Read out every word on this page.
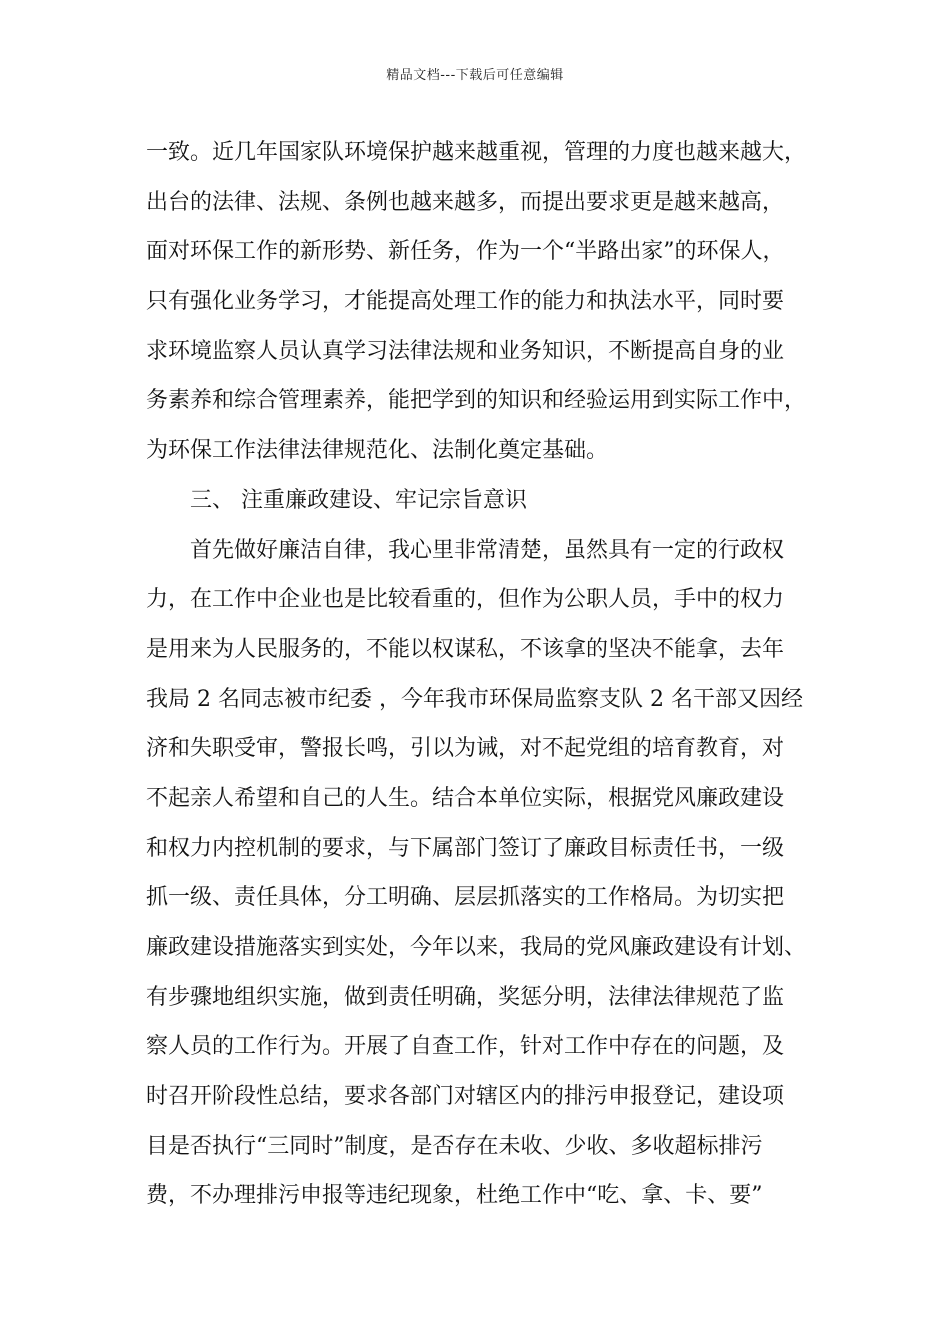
精品文档---下载后可任意编辑
一致。近几年国家队环境保护越来越重视，管理的力度也越来越大，
出台的法律、法规、条例也越来越多，而提出要求更是越来越高，
面对环保工作的新形势、新任务，作为一个“半路出家”的环保人，
只有强化业务学习，才能提高处理工作的能力和执法水平，同时要
求环境监察人员认真学习法律法规和业务知识，不断提高自身的业
务素养和综合管理素养，能把学到的知识和经验运用到实际工作中，
为环保工作法律法律规范化、法制化奠定基础。
三、 注重廉政建设、牢记宗旨意识
首先做好廉洁自律，我心里非常清楚，虽然具有一定的行政权
力，在工作中企业也是比较看重的，但作为公职人员，手中的权力
是用来为人民服务的，不能以权谋私，不该拿的坚决不能拿，去年
我局 2 名同志被市纪委 ，今年我市环保局监察支队 2 名干部又因经
济和失职受审，警报长鸣，引以为诫，对不起党组的培育教育，对
不起亲人希望和自己的人生。结合本单位实际，根据党风廉政建设
和权力内控机制的要求，与下属部门签订了廉政目标责任书，一级
抓一级、责任具体，分工明确、层层抓落实的工作格局。为切实把
廉政建设措施落实到实处，今年以来，我局的党风廉政建设有计划、
有步骤地组织实施，做到责任明确，奖惩分明，法律法律规范了监
察人员的工作行为。开展了自查工作，针对工作中存在的问题，及
时召开阶段性总结，要求各部门对辖区内的排污申报登记，建设项
目是否执行“三同时”制度，是否存在未收、少收、多收超标排污
费，不办理排污申报等违纪现象，杜绝工作中“吃、拿、卡、要”
